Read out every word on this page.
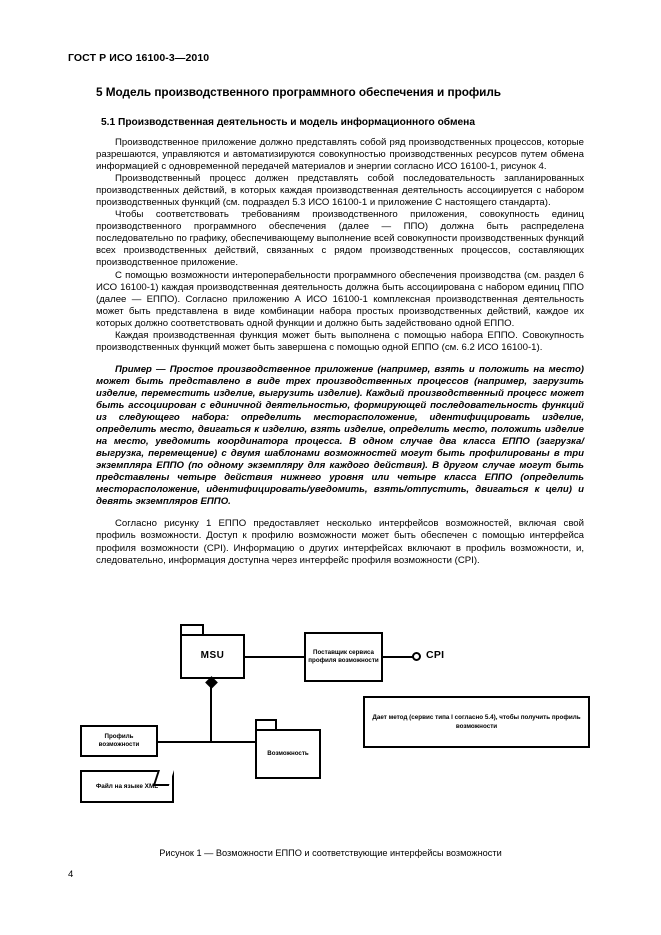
ГОСТ Р ИСО 16100-3—2010
5 Модель производственного программного обеспечения и профиль
5.1 Производственная деятельность и модель информационного обмена

Производственное приложение должно представлять собой ряд производственных процессов, которые разрешаются, управляются и автоматизируются совокупностью производственных ресурсов путем обмена информацией с одновременной передачей материалов и энергии согласно ИСО 16100-1, рисунок 4.

Производственный процесс должен представлять собой последовательность запланированных производственных действий, в которых каждая производственная деятельность ассоциируется с набором производственных функций (см. подраздел 5.3 ИСО 16100-1 и приложение С настоящего стандарта).

Чтобы соответствовать требованиям производственного приложения, совокупность единиц производственного программного обеспечения (далее — ППО) должна быть распределена последовательно по графику, обеспечивающему выполнение всей совокупности производственных функций всех производственных действий, связанных с рядом производственных процессов, составляющих производственное приложение.

С помощью возможности интероперабельности программного обеспечения производства (см. раздел 6 ИСО 16100-1) каждая производственная деятельность должна быть ассоциирована с набором единиц ППО (далее — ЕППО). Согласно приложению А ИСО 16100-1 комплексная производственная деятельность может быть представлена в виде комбинации набора простых производственных действий, каждое их которых должно соответствовать одной функции и должно быть задействовано одной ЕППО.

Каждая производственная функция может быть выполнена с помощью набора ЕППО. Совокупность производственных функций может быть завершена с помощью одной ЕППО (см. 6.2 ИСО 16100-1).

Пример — Простое производственное приложение (например, взять и положить на место) может быть представлено в виде трех производственных процессов (например, загрузить изделие, переместить изделие, выгрузить изделие). Каждый производственный процесс может быть ассоциирован с единичной деятельностью, формирующей последовательность функций из следующего набора: определить месторасположение, идентифицировать изделие, определить место, двигаться к изделию, взять изделие, определить место, положить изделие на место, уведомить координатора процесса. В одном случае два класса ЕППО (загрузка/выгрузка, перемещение) с двумя шаблонами возможностей могут быть профилированы в три экземпляра ЕППО (по одному экземпляру для каждого действия). В другом случае могут быть представлены четыре действия нижнего уровня или четыре класса ЕППО (определить месторасположение, идентифицировать/уведомить, взять/отпустить, двигаться к цели) и девять экземпляров ЕППО.

Согласно рисунку 1 ЕППО предоставляет несколько интерфейсов возможностей, включая свой профиль возможности. Доступ к профилю возможности может быть обеспечен с помощью интерфейса профиля возможности (CPI). Информацию о других интерфейсах включают в профиль возможности, и, следовательно, информация доступна через интерфейс профиля возможности (CPI).

MSU	Поставщик сервиса профиля возможности	CPI
Профиль возможности
Возможность
Дает метод (сервис типа I согласно 5.4), чтобы получить профиль возможности
Файл на языке XML
Рисунок 1 — Возможности ЕППО и соответствующие интерфейсы возможности
4
